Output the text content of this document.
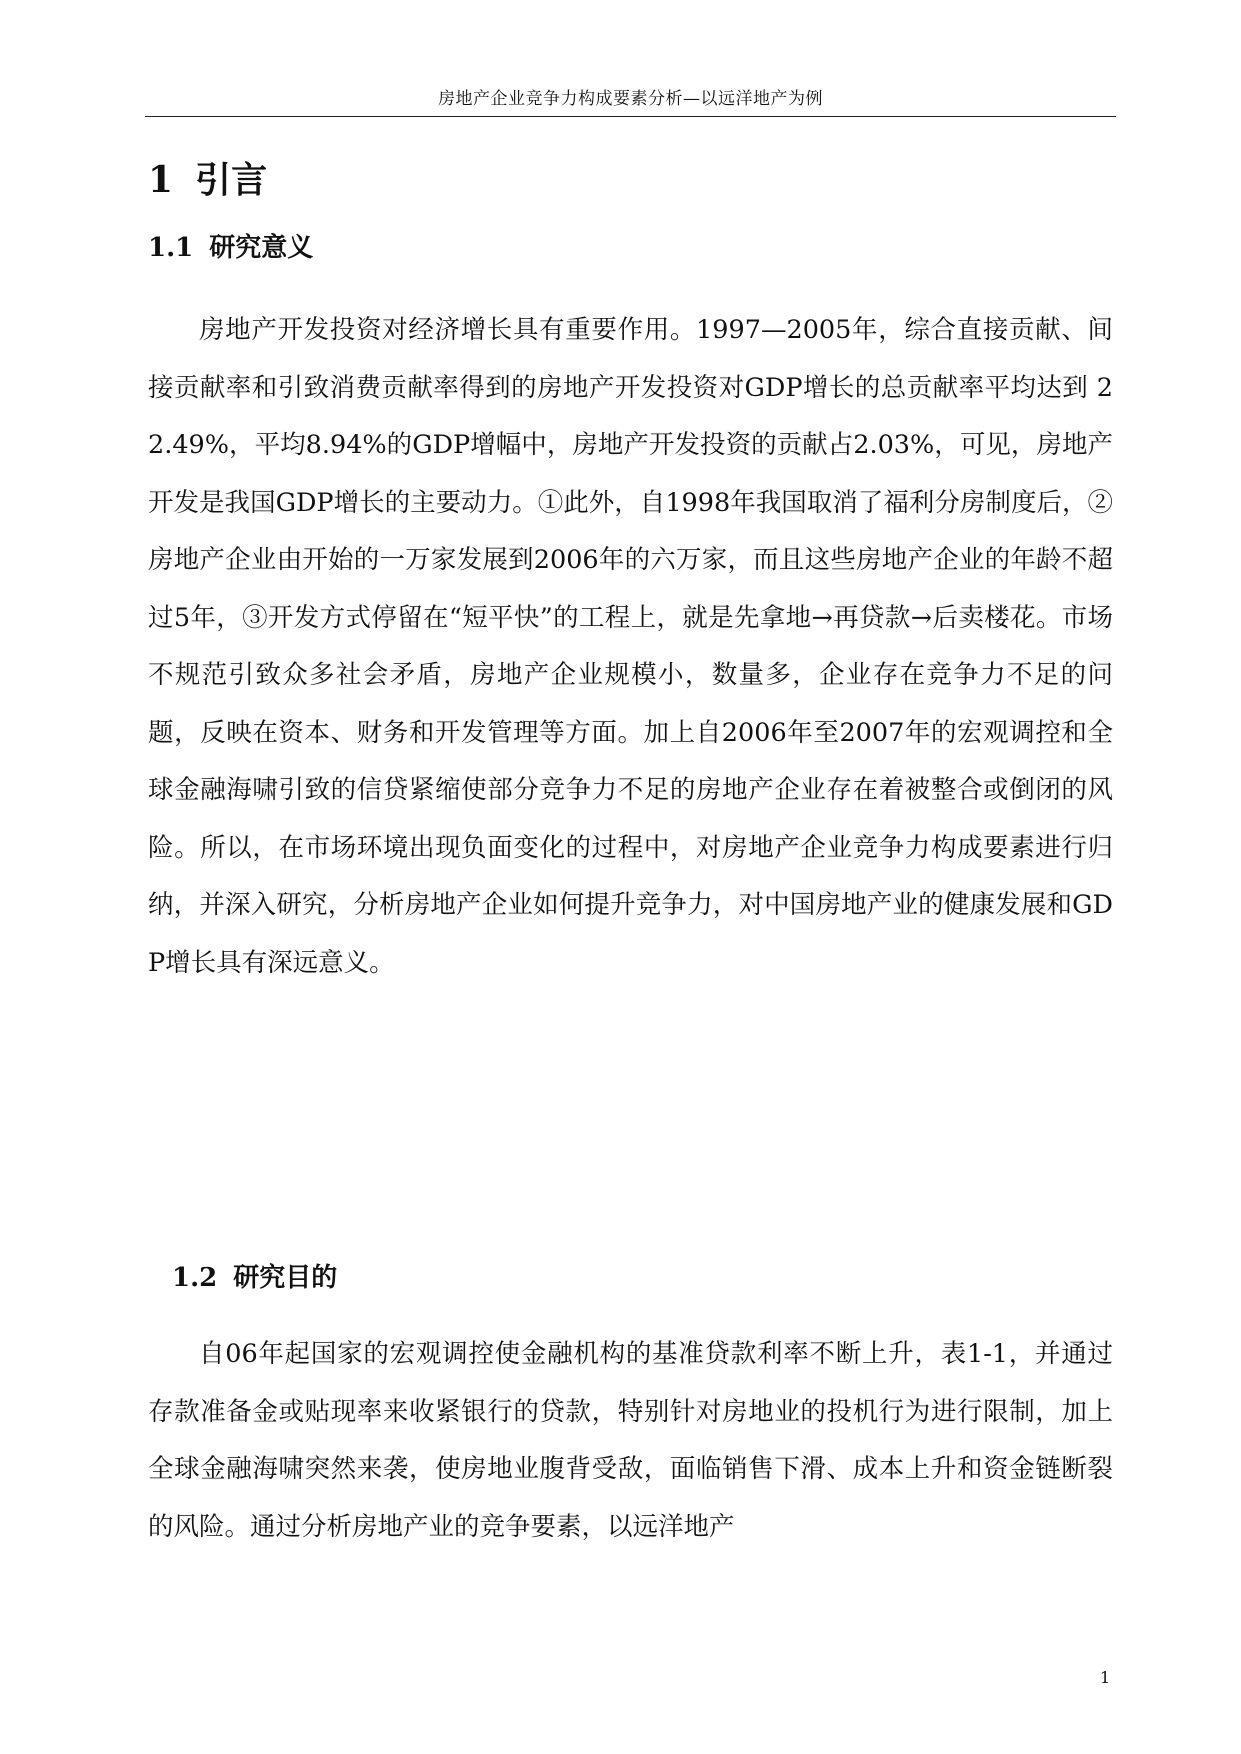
房地产企业竞争力构成要素分析—以远洋地产为例
1 引言
1.1 研究意义
房地产开发投资对经济增长具有重要作用。1997—2005年，综合直接贡献、间接贡献率和引致消费贡献率得到的房地产开发投资对GDP增长的总贡献率平均达到 22.49%，平均8.94%的GDP增幅中，房地产开发投资的贡献占2.03%，可见，房地产开发是我国GDP增长的主要动力。①此外，自1998年我国取消了福利分房制度后，②房地产企业由开始的一万家发展到2006年的六万家，而且这些房地产企业的年龄不超过5年，③开发方式停留在“短平快”的工程上，就是先拿地→再贷款→后卖楼花。市场不规范引致众多社会矛盾，房地产企业规模小，数量多，企业存在竞争力不足的问题，反映在资本、财务和开发管理等方面。加上自2006年至2007年的宏观调控和全球金融海啸引致的信贷紧缩使部分竞争力不足的房地产企业存在着被整合或倒闭的风险。所以，在市场环境出现负面变化的过程中，对房地产企业竞争力构成要素进行归纳，并深入研究，分析房地产企业如何提升竞争力，对中国房地产业的健康发展和GDP增长具有深远意义。
1.2 研究目的
自06年起国家的宏观调控使金融机构的基准贷款利率不断上升，表1-1，并通过存款准备金或贴现率来收紧银行的贷款，特别针对房地业的投机行为进行限制，加上全球金融海啸突然来袭，使房地业腹背受敌，面临销售下滑、成本上升和资金链断裂的风险。通过分析房地产业的竞争要素，以远洋地产
1
